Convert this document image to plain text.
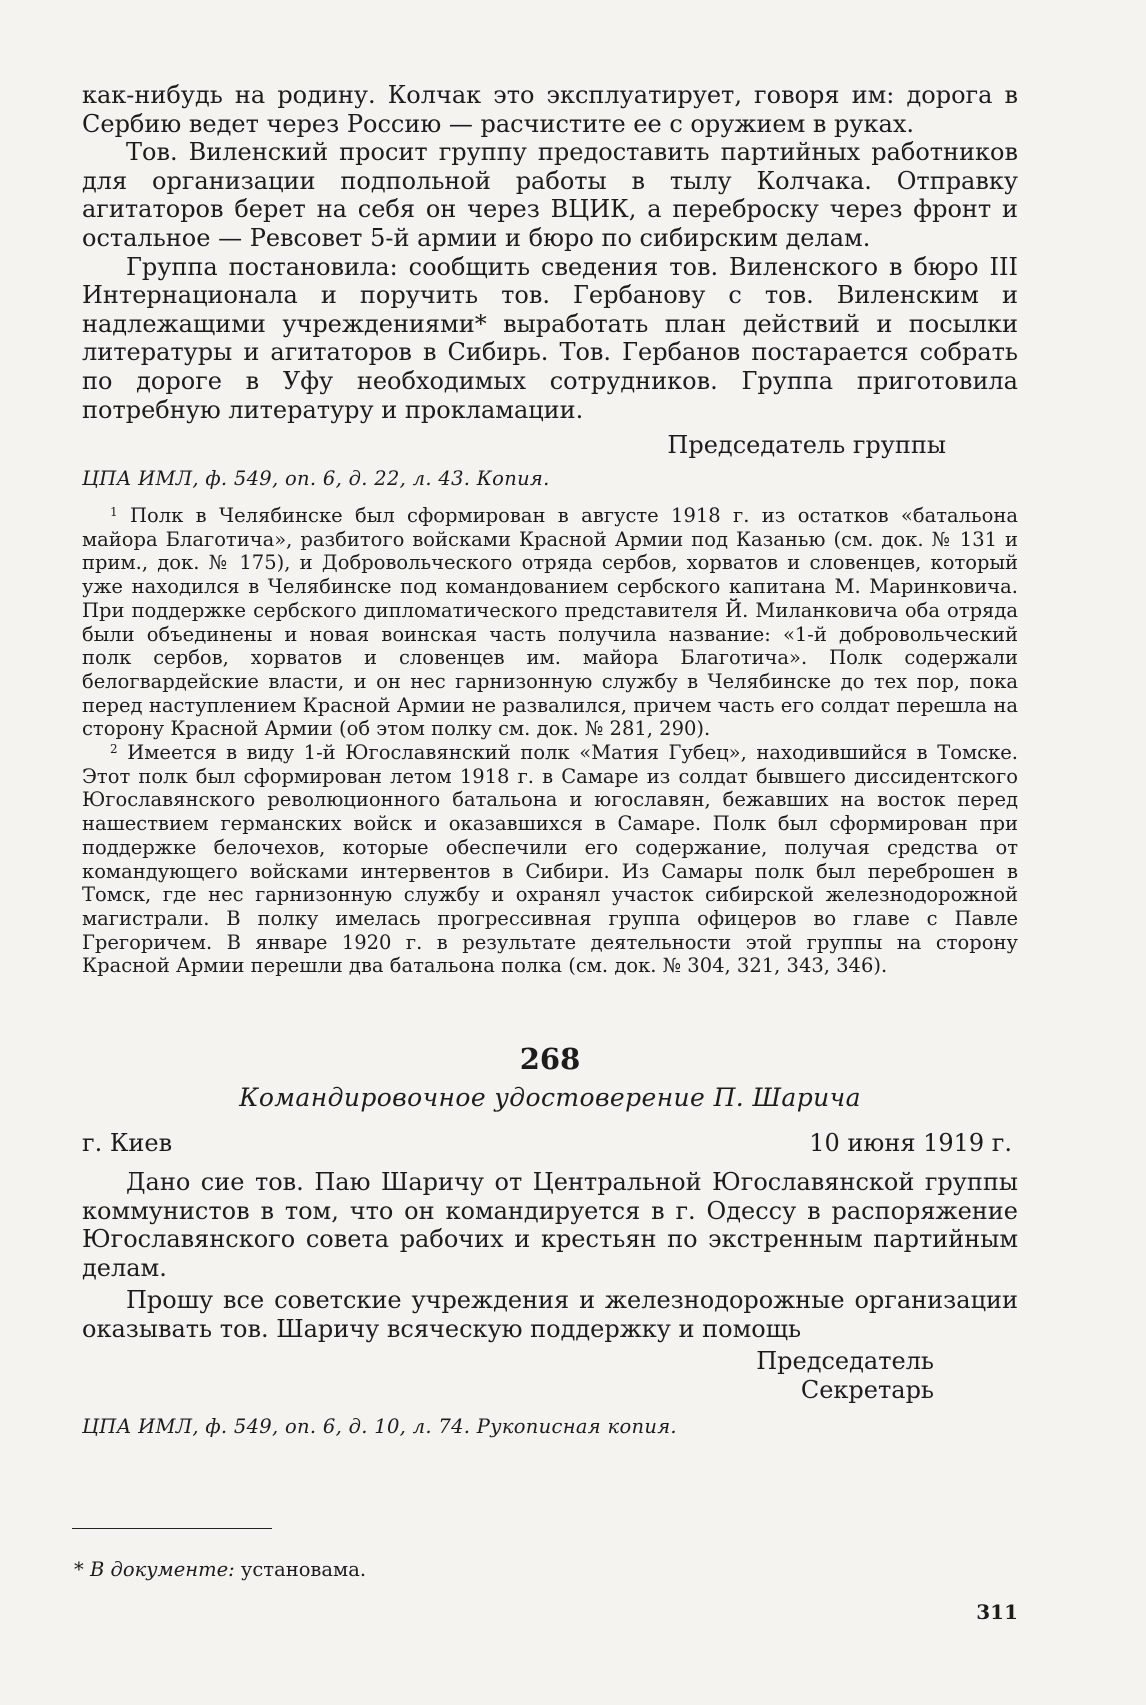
как-нибудь на родину. Колчак это эксплуатирует, говоря им: дорога в Сербию ведет через Россию — расчистите ее с оружием в руках.

Тов. Виленский просит группу предоставить партийных работников для организации подпольной работы в тылу Колчака. Отправку агитаторов берет на себя он через ВЦИК, а переброску через фронт и остальное — Ревсовет 5-й армии и бюро по сибирским делам.

Группа постановила: сообщить сведения тов. Виленского в бюро III Интернационала и поручить тов. Гербанову с тов. Виленским и надлежащими учреждениями* выработать план действий и посылки литературы и агитаторов в Сибирь. Тов. Гербанов постарается собрать по дороге в Уфу необходимых сотрудников. Группа приготовила потребную литературу и прокламации.

Председатель группы
ЦПА ИМЛ, ф. 549, оп. 6, д. 22, л. 43. Копия.

$^1$ Полк в Челябинске был сформирован в августе 1918 г. из остатков «батальона майора Благотича», разбитого войсками Красной Армии под Казанью (см. док. № 131 и прим., док. № 175), и Добровольческого отряда сербов, хорватов и словенцев, который уже находился в Челябинске под командованием сербского капитана М. Маринковича. При поддержке сербского дипломатического представителя Й. Миланковича оба отряда были объединены и новая воинская часть получила название: «1-й добровольческий полк сербов, хорватов и словенцев им. майора Благотича». Полк содержали белогвардейские власти, и он нес гарнизонную службу в Челябинске до тех пор, пока перед наступлением Красной Армии не развалился, причем часть его солдат перешла на сторону Красной Армии (об этом полку см. док. № 281, 290).

$^2$ Имеется в виду 1-й Югославянский полк «Матия Губец», находившийся в Томске. Этот полк был сформирован летом 1918 г. в Самаре из солдат бывшего диссидентского Югославянского революционного батальона и югославян, бежавших на восток перед нашествием германских войск и оказавшихся в Самаре. Полк был сформирован при поддержке белочехов, которые обеспечили его содержание, получая средства от командующего войсками интервентов в Сибири. Из Самары полк был переброшен в Томск, где нес гарнизонную службу и охранял участок сибирской железнодорожной магистрали. В полку имелась прогрессивная группа офицеров во главе с Павле Грегоричем. В январе 1920 г. в результате деятельности этой группы на сторону Красной Армии перешли два батальона полка (см. док. № 304, 321, 343, 346).

268
Командировочное удостоверение П. Шарича
г. Киев	10 июня 1919 г.

Дано сие тов. Паю Шаричу от Центральной Югославянской группы коммунистов в том, что он командируется в г. Одессу в распоряжение Югославянского совета рабочих и крестьян по экстренным партийным делам.

Прошу все советские учреждения и железнодорожные организации оказывать тов. Шаричу всяческую поддержку и помощь

Председатель
Секретарь
ЦПА ИМЛ, ф. 549, оп. 6, д. 10, л. 74. Рукописная копия.
* В документе: установама.
311
